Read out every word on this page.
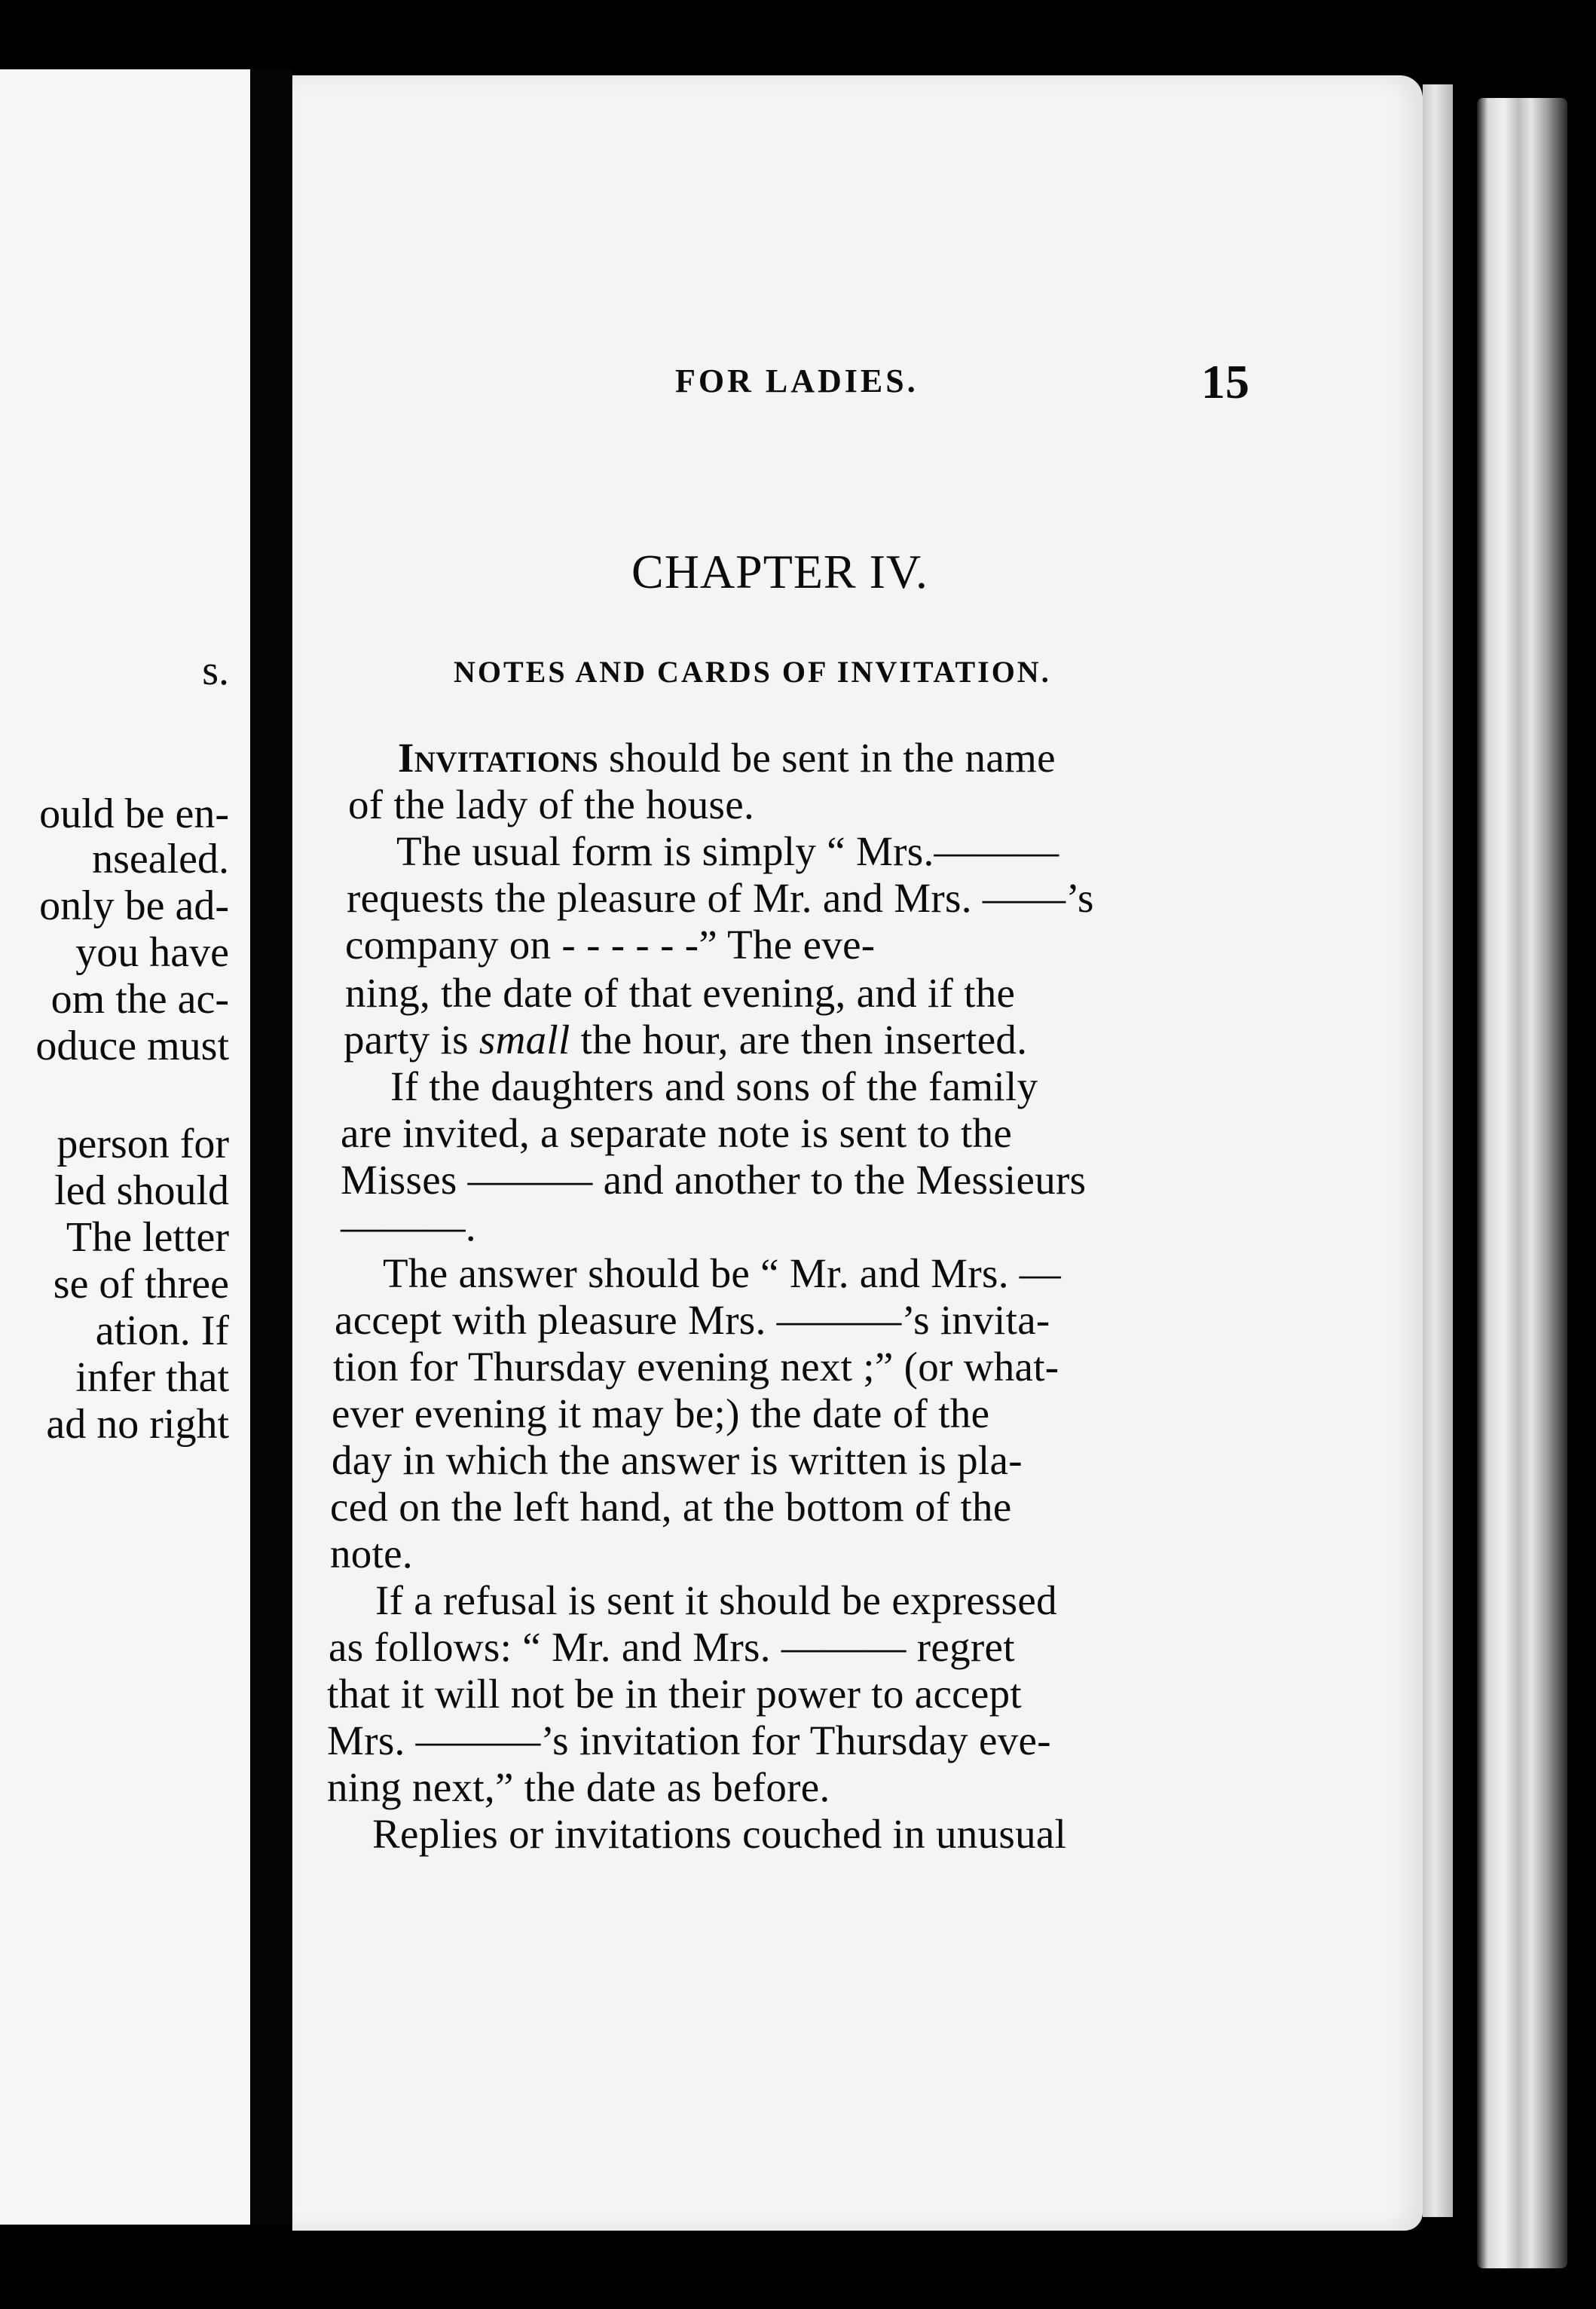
s.
ould be en-
nsealed.
only be ad-
you have
om the ac-
oduce must
person for
led should
The letter
se of three
ation. If
infer that
ad no right
FOR LADIES.	15
CHAPTER IV.
NOTES AND CARDS OF INVITATION.
Invitations should be sent in the name
of the lady of the house.
The usual form is simply “ Mrs.———
requests the pleasure of Mr. and Mrs. ——’s
company on - - - - - -” The eve-
ning, the date of that evening, and if the
party is small the hour, are then inserted.
If the daughters and sons of the family
are invited, a separate note is sent to the
Misses ——— and another to the Messieurs
———.
The answer should be “ Mr. and Mrs. —
accept with pleasure Mrs. ———’s invita-
tion for Thursday evening next ;” (or what-
ever evening it may be;) the date of the
day in which the answer is written is pla-
ced on the left hand, at the bottom of the
note.
If a refusal is sent it should be expressed
as follows: “ Mr. and Mrs. ——— regret
that it will not be in their power to accept
Mrs. ———’s invitation for Thursday eve-
ning next,” the date as before.
Replies or invitations couched in unusual
